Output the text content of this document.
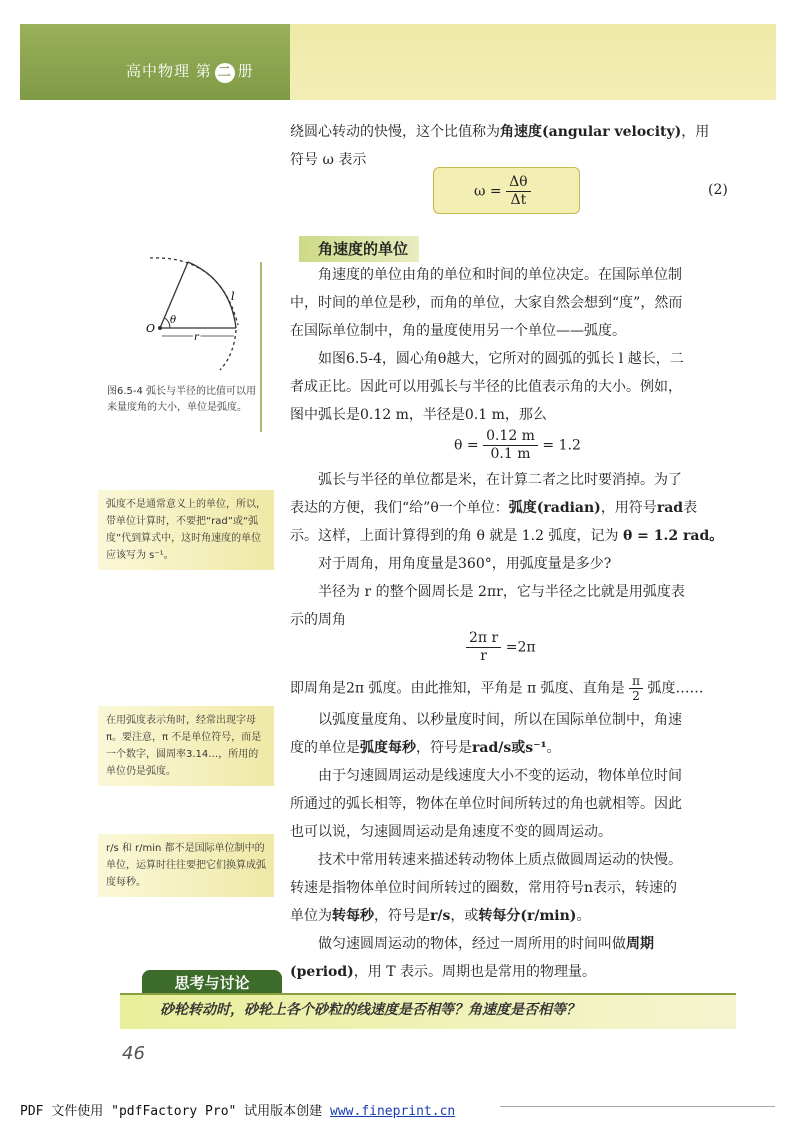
高中物理 第 二 册
绕圆心转动的快慢，这个比值称为角速度(angular velocity)，用
符号 ω 表示
$\omega = \frac{\Delta\theta}{\Delta t}$	(2)
角速度的单位
角速度的单位由角的单位和时间的单位决定。在国际单位制
中，时间的单位是秒，而角的单位，大家自然会想到“度”，然而
在国际单位制中，角的量度使用另一个单位——弧度。
如图6.5-4，圆心角θ越大，它所对的圆弧的弧长 l 越长，二
者成正比。因此可以用弧长与半径的比值表示角的大小。例如，
图中弧长是0.12 m，半径是0.1 m，那么
$\theta = \frac{0.12 m}{0.1 m} = 1.2$
弧长与半径的单位都是米，在计算二者之比时要消掉。为了
表达的方便，我们“给”θ一个单位：弧度(radian)，用符号rad表
示。这样，上面计算得到的角 θ 就是 1.2 弧度，记为 θ = 1.2 rad。
对于周角，用角度量是360°，用弧度量是多少?
半径为 r 的整个圆周长是 2πr，它与半径之比就是用弧度表
示的周角
$\frac{\text{2π r}}{r} =2\pi$
即周角是2π 弧度。由此推知，平角是 π 弧度、直角是 $\frac{\pi}{2}$ 弧度……
以弧度量度角、以秒量度时间，所以在国际单位制中，角速
度的单位是弧度每秒，符号是rad/s或s⁻¹。
由于匀速圆周运动是线速度大小不变的运动，物体单位时间
所通过的弧长相等，物体在单位时间所转过的角也就相等。因此
也可以说，匀速圆周运动是角速度不变的圆周运动。
技术中常用转速来描述转动物体上质点做圆周运动的快慢。
转速是指物体单位时间所转过的圈数，常用符号n表示，转速的
单位为转每秒，符号是r/s，或转每分(r/min)。
做匀速圆周运动的物体，经过一周所用的时间叫做周期
(period)，用 T 表示。周期也是常用的物理量。
O
θ
r
l
图6.5-4 弧长与半径的比值可以用来量度角的大小，单位是弧度。
弧度不是通常意义上的单位，所以，带单位计算时，不要把“rad”或“弧度”代到算式中，这时角速度的单位应该写为 s⁻¹。
在用弧度表示角时，经常出现字母 π。要注意，π 不是单位符号，而是一个数字，圆周率3.14…，所用的单位仍是弧度。
r/s 和 r/min 都不是国际单位制中的单位，运算时往往要把它们换算成弧度每秒。
思考与讨论
砂轮转动时，砂轮上各个砂粒的线速度是否相等？角速度是否相等？
46
PDF 文件使用 "pdfFactory Pro" 试用版本创建 www.fineprint.cn
